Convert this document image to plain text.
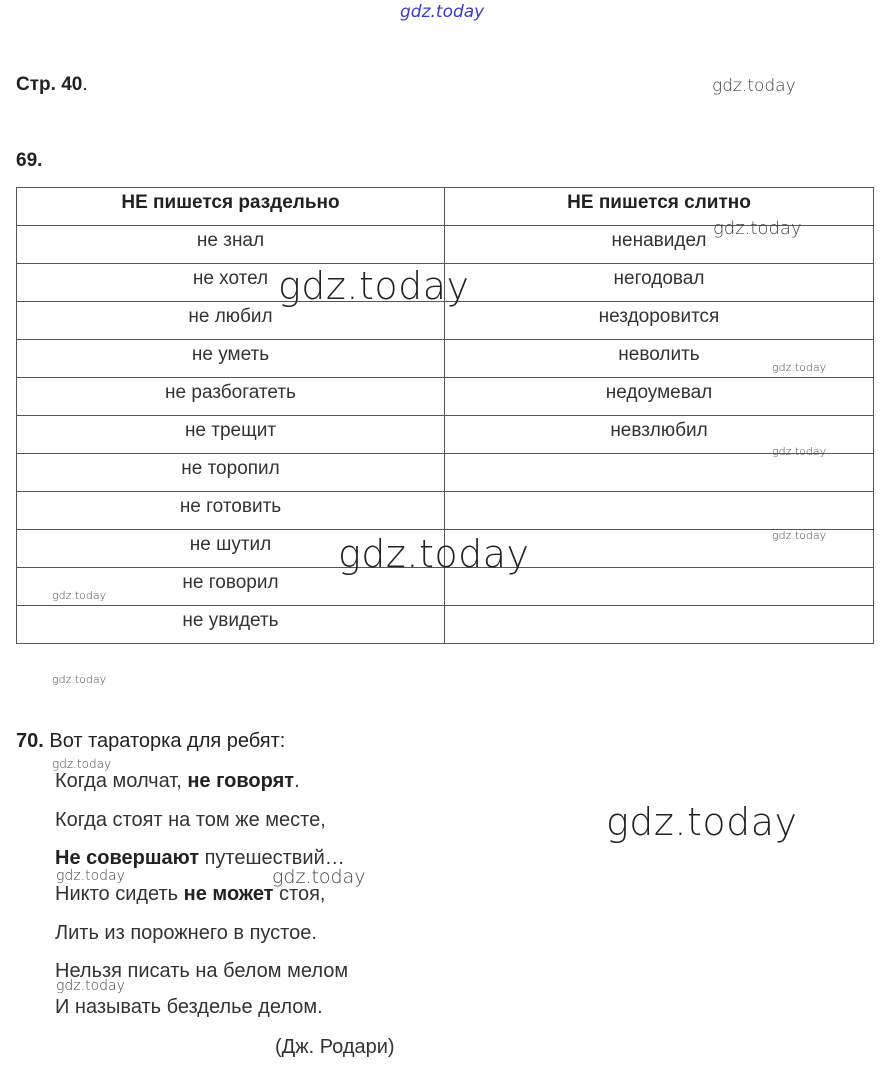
gdz.today
gdz.today
Стр. 40.
69.
НЕ пишется раздельно	НЕ пишется слитно
не знал	ненавидел
не хотел	негодовал
не любил	нездоровится
не уметь	неволить
не разбогатеть	недоумевал
не трещит	невзлюбил
не торопил	
не готовить	
не шутил	
не говорил	
не увидеть	
gdz.today
gdz.today
gdz.today
gdz.today
gdz.today
gdz.today
gdz.today
gdz.today
70. Вот тараторка для ребят:
Когда молчат, не говорят.
Когда стоят на том же месте,
Не совершают путешествий…
Никто сидеть не может стоя,
Лить из порожнего в пустое.
Нельзя писать на белом мелом
И называть безделье делом.
(Дж. Родари)
gdz.today
gdz.today
gdz.today	gdz.today
gdz.today
